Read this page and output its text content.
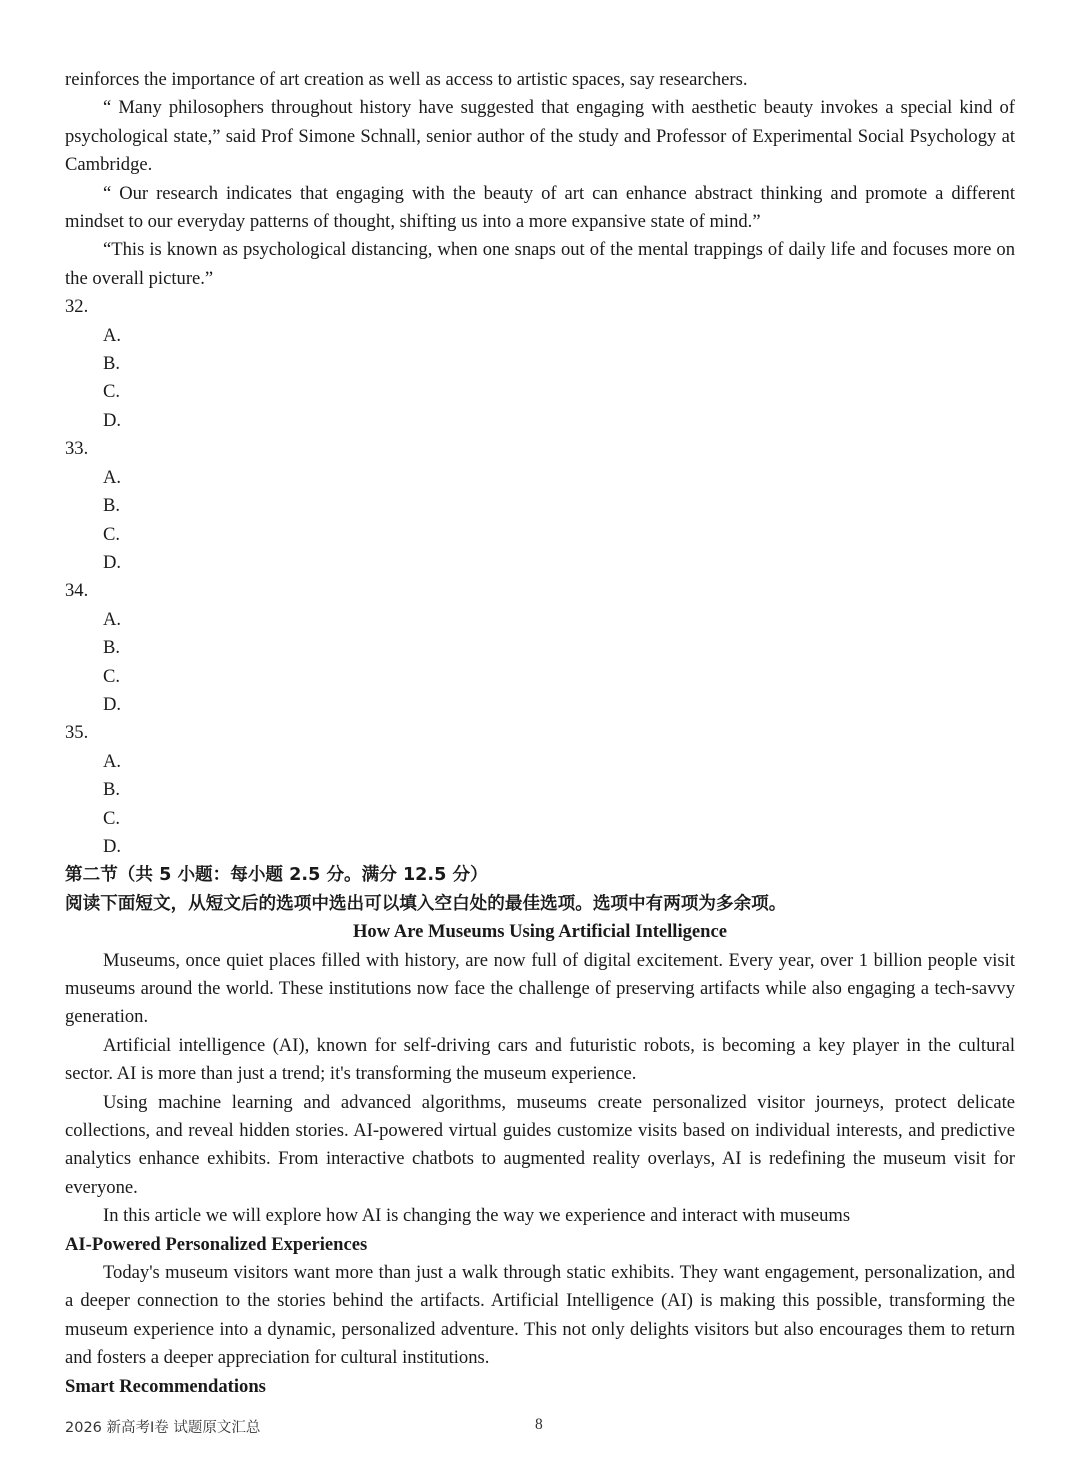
reinforces the importance of art creation as well as access to artistic spaces, say researchers.

“ Many philosophers throughout history have suggested that engaging with aesthetic beauty invokes a special kind of psychological state,” said Prof Simone Schnall, senior author of the study and Professor of Experimental Social Psychology at Cambridge.

“ Our research indicates that engaging with the beauty of art can enhance abstract thinking and promote a different mindset to our everyday patterns of thought, shifting us into a more expansive state of mind.”

“This is known as psychological distancing, when one snaps out of the mental trappings of daily life and focuses more on the overall picture.”

32.

A.

B.

C.

D.

33.

A.

B.

C.

D.

34.

A.

B.

C.

D.

35.

A.

B.

C.

D.

第二节（共 5 小题：每小题 2.5 分。满分 12.5 分）

阅读下面短文，从短文后的选项中选出可以填入空白处的最佳选项。选项中有两项为多余项。

How Are Museums Using Artificial Intelligence

Museums, once quiet places filled with history, are now full of digital excitement. Every year, over 1 billion people visit museums around the world. These institutions now face the challenge of preserving artifacts while also engaging a tech-savvy generation.

Artificial intelligence (AI), known for self-driving cars and futuristic robots, is becoming a key player in the cultural sector. AI is more than just a trend; it's transforming the museum experience.

Using machine learning and advanced algorithms, museums create personalized visitor journeys, protect delicate collections, and reveal hidden stories. AI-powered virtual guides customize visits based on individual interests, and predictive analytics enhance exhibits. From interactive chatbots to augmented reality overlays, AI is redefining the museum visit for everyone.

In this article we will explore how AI is changing the way we experience and interact with museums

AI-Powered Personalized Experiences

Today's museum visitors want more than just a walk through static exhibits. They want engagement, personalization, and a deeper connection to the stories behind the artifacts. Artificial Intelligence (AI) is making this possible, transforming the museum experience into a dynamic, personalized adventure. This not only delights visitors but also encourages them to return and fosters a deeper appreciation for cultural institutions.

Smart Recommendations

2026 新高考Ⅰ卷 试题原文汇总	8
